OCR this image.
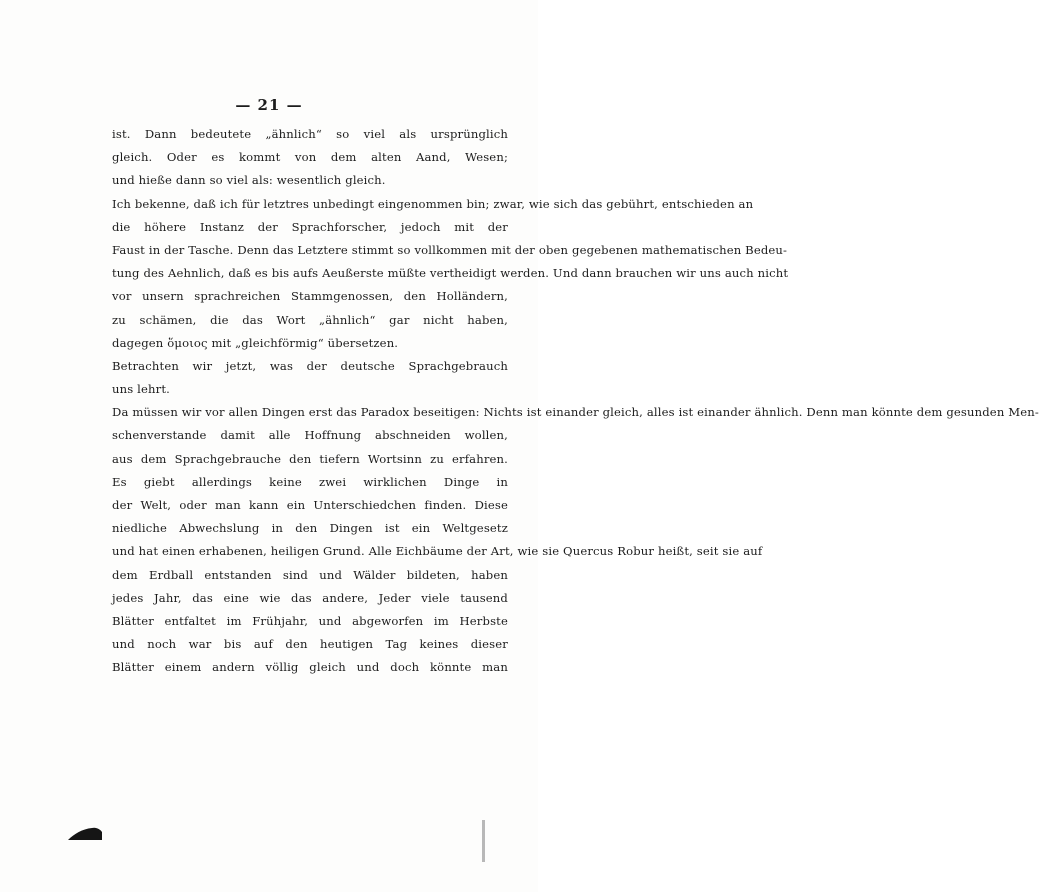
— 21 —
ist. Dann bedeutete „ähnlich“ so viel als ursprünglich
gleich. Oder es kommt von dem alten Aand, Wesen;
und hieße dann so viel als: wesentlich gleich.
Ich bekenne, daß ich für letztres unbedingt eingenommen bin; zwar, wie sich das gebührt, entschieden an
die höhere Instanz der Sprachforscher, jedoch mit der
Faust in der Tasche. Denn das Letztere stimmt so vollkommen mit der oben gegebenen mathematischen Bedeu-
tung des Aehnlich, daß es bis aufs Aeußerste müßte vertheidigt werden. Und dann brauchen wir uns auch nicht
vor unsern sprachreichen Stammgenossen, den Holländern,
zu schämen, die das Wort „ähnlich“ gar nicht haben,
dagegen ὅμοιος mit „gleichförmig“ übersetzen.
Betrachten wir jetzt, was der deutsche Sprachgebrauch
uns lehrt.
Da müssen wir vor allen Dingen erst das Paradox beseitigen: Nichts ist einander gleich, alles ist einander ähnlich. Denn man könnte dem gesunden Men-
schenverstande damit alle Hoffnung abschneiden wollen,
aus dem Sprachgebrauche den tiefern Wortsinn zu erfahren.
Es giebt allerdings keine zwei wirklichen Dinge in
der Welt, oder man kann ein Unterschiedchen finden. Diese
niedliche Abwechslung in den Dingen ist ein Weltgesetz
und hat einen erhabenen, heiligen Grund. Alle Eichbäume der Art, wie sie Quercus Robur heißt, seit sie auf
dem Erdball entstanden sind und Wälder bildeten, haben
jedes Jahr, das eine wie das andere, Jeder viele tausend
Blätter entfaltet im Frühjahr, und abgeworfen im Herbste
und noch war bis auf den heutigen Tag keines dieser
Blätter einem andern völlig gleich und doch könnte man
